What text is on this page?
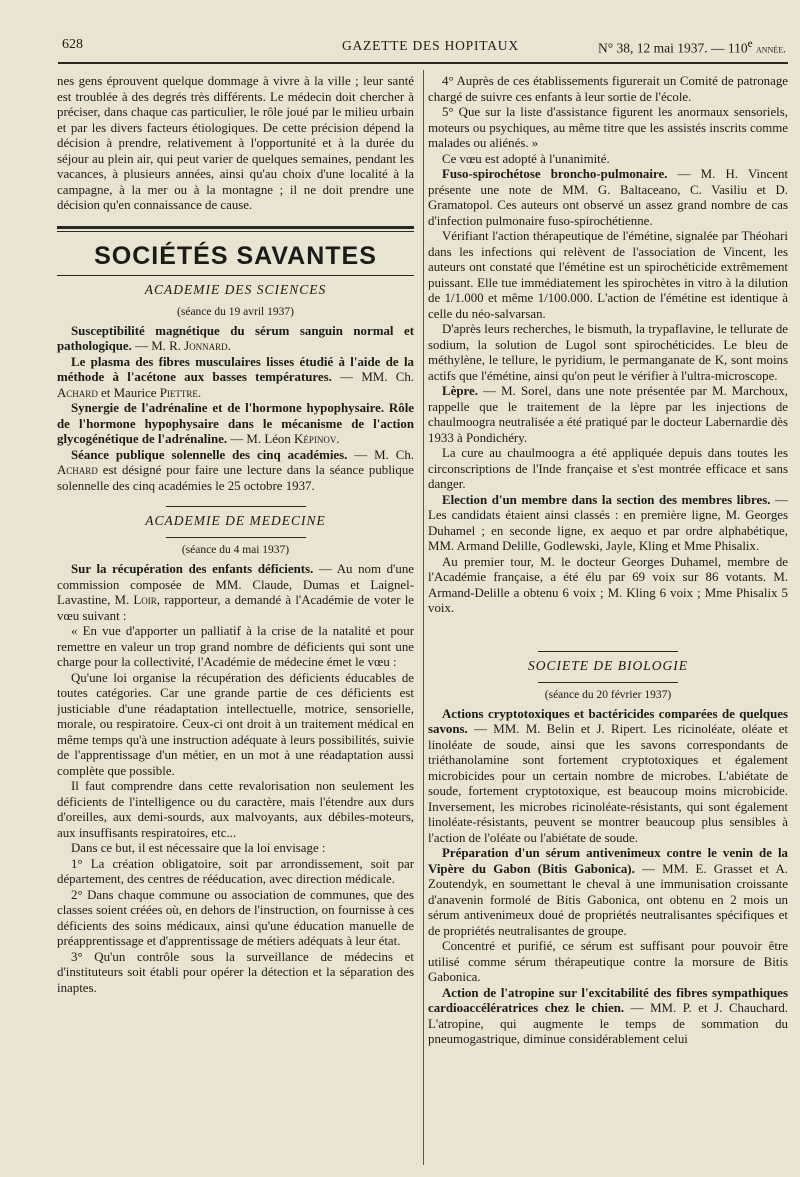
628	GAZETTE DES HOPITAUX	N° 38, 12 mai 1937. — 110e année.

nes gens éprouvent quelque dommage à vivre à la ville ; leur santé est troublée à des degrés très différents. Le médecin doit chercher à préciser, dans chaque cas particulier, le rôle joué par le milieu urbain et par les divers facteurs étiologiques. De cette précision dépend la décision à prendre, relativement à l'opportunité et à la durée du séjour au plein air, qui peut varier de quelques semaines, pendant les vacances, à plusieurs années, ainsi qu'au choix d'une localité à la campagne, à la mer ou à la montagne ; il ne doit prendre une décision qu'en connaissance de cause.

SOCIÉTÉS SAVANTES
ACADEMIE DES SCIENCES
(séance du 19 avril 1937)

Susceptibilité magnétique du sérum sanguin normal et pathologique. — M. R. Jonnard.

Le plasma des fibres musculaires lisses étudié à l'aide de la méthode à l'acétone aux basses températures. — MM. Ch. Achard et Maurice Piettre.

Synergie de l'adrénaline et de l'hormone hypophysaire. Rôle de l'hormone hypophysaire dans le mécanisme de l'action glycogénétique de l'adrénaline. — M. Léon Képinov.

Séance publique solennelle des cinq académies. — M. Ch. Achard est désigné pour faire une lecture dans la séance publique solennelle des cinq académies le 25 octobre 1937.

ACADEMIE DE MEDECINE
(séance du 4 mai 1937)

Sur la récupération des enfants déficients. — Au nom d'une commission composée de MM. Claude, Dumas et Laignel-Lavastine, M. Loir, rapporteur, a demandé à l'Académie de voter le vœu suivant :

« En vue d'apporter un palliatif à la crise de la natalité et pour remettre en valeur un trop grand nombre de déficients qui sont une charge pour la collectivité, l'Académie de médecine émet le vœu :

Qu'une loi organise la récupération des déficients éducables de toutes catégories. Car une grande partie de ces déficients est justiciable d'une réadaptation intellectuelle, motrice, sensorielle, morale, ou respiratoire. Ceux-ci ont droit à un traitement médical en même temps qu'à une instruction adéquate à leurs possibilités, suivie de l'apprentissage d'un métier, en un mot à une réadaptation aussi complète que possible.

Il faut comprendre dans cette revalorisation non seulement les déficients de l'intelligence ou du caractère, mais l'étendre aux durs d'oreilles, aux demi-sourds, aux malvoyants, aux débiles-moteurs, aux insuffisants respiratoires, etc...

Dans ce but, il est nécessaire que la loi envisage :

1° La création obligatoire, soit par arrondissement, soit par département, des centres de rééducation, avec direction médicale.

2° Dans chaque commune ou association de communes, que des classes soient créées où, en dehors de l'instruction, on fournisse à ces déficients des soins médicaux, ainsi qu'une éducation manuelle de préapprentissage et d'apprentissage de métiers adéquats à leur état.

3° Qu'un contrôle sous la surveillance de médecins et d'instituteurs soit établi pour opérer la détection et la séparation des inaptes.

4° Auprès de ces établissements figurerait un Comité de patronage chargé de suivre ces enfants à leur sortie de l'école.

5° Que sur la liste d'assistance figurent les anormaux sensoriels, moteurs ou psychiques, au même titre que les assistés inscrits comme malades ou aliénés. »

Ce vœu est adopté à l'unanimité.

Fuso-spirochétose broncho-pulmonaire. — M. H. Vincent présente une note de MM. G. Baltaceano, C. Vasiliu et D. Gramatopol. Ces auteurs ont observé un assez grand nombre de cas d'infection pulmonaire fuso-spirochétienne.

Vérifiant l'action thérapeutique de l'émétine, signalée par Théohari dans les infections qui relèvent de l'association de Vincent, les auteurs ont constaté que l'émétine est un spirochéticide extrêmement puissant. Elle tue immédiatement les spirochètes in vitro à la dilution de 1/1.000 et même 1/100.000. L'action de l'émétine est identique à celle du néo-salvarsan.

D'après leurs recherches, le bismuth, la trypaflavine, le tellurate de sodium, la solution de Lugol sont spirochéticides. Le bleu de méthylène, le tellure, le pyridium, le permanganate de K, sont moins actifs que l'émétine, ainsi qu'on peut le vérifier à l'ultra-microscope.

Lèpre. — M. Sorel, dans une note présentée par M. Marchoux, rappelle que le traitement de la lèpre par les injections de chaulmoogra neutralisée a été pratiqué par le docteur Labernardie dès 1933 à Pondichéry.

La cure au chaulmoogra a été appliquée depuis dans toutes les circonscriptions de l'Inde française et s'est montrée efficace et sans danger.

Election d'un membre dans la section des membres libres. — Les candidats étaient ainsi classés : en première ligne, M. Georges Duhamel ; en seconde ligne, ex aequo et par ordre alphabétique, MM. Armand Delille, Godlewski, Jayle, Kling et Mme Phisalix.

Au premier tour, M. le docteur Georges Duhamel, membre de l'Académie française, a été élu par 69 voix sur 86 votants. M. Armand-Delille a obtenu 6 voix ; M. Kling 6 voix ; Mme Phisalix 5 voix.

SOCIETE DE BIOLOGIE
(séance du 20 février 1937)

Actions cryptotoxiques et bactéricides comparées de quelques savons. — MM. M. Belin et J. Ripert. Les ricinoléate, oléate et linoléate de soude, ainsi que les savons correspondants de triéthanolamine sont fortement cryptotoxiques et également microbicides pour un certain nombre de microbes. L'abiétate de soude, fortement cryptotoxique, est beaucoup moins microbicide. Inversement, les microbes ricinoléate-résistants, qui sont également linoléate-résistants, peuvent se montrer beaucoup plus sensibles à l'action de l'oléate ou l'abiétate de soude.

Préparation d'un sérum antivenimeux contre le venin de la Vipère du Gabon (Bitis Gabonica). — MM. E. Grasset et A. Zoutendyk, en soumettant le cheval à une immunisation croissante d'anavenin formolé de Bitis Gabonica, ont obtenu en 2 mois un sérum antivenimeux doué de propriétés neutralisantes spécifiques et de propriétés neutralisantes de groupe.

Concentré et purifié, ce sérum est suffisant pour pouvoir être utilisé comme sérum thérapeutique contre la morsure de Bitis Gabonica.

Action de l'atropine sur l'excitabilité des fibres sympathiques cardioaccélératrices chez le chien. — MM. P. et J. Chauchard. L'atropine, qui augmente le temps de sommation du pneumogastrique, diminue considérablement celui
